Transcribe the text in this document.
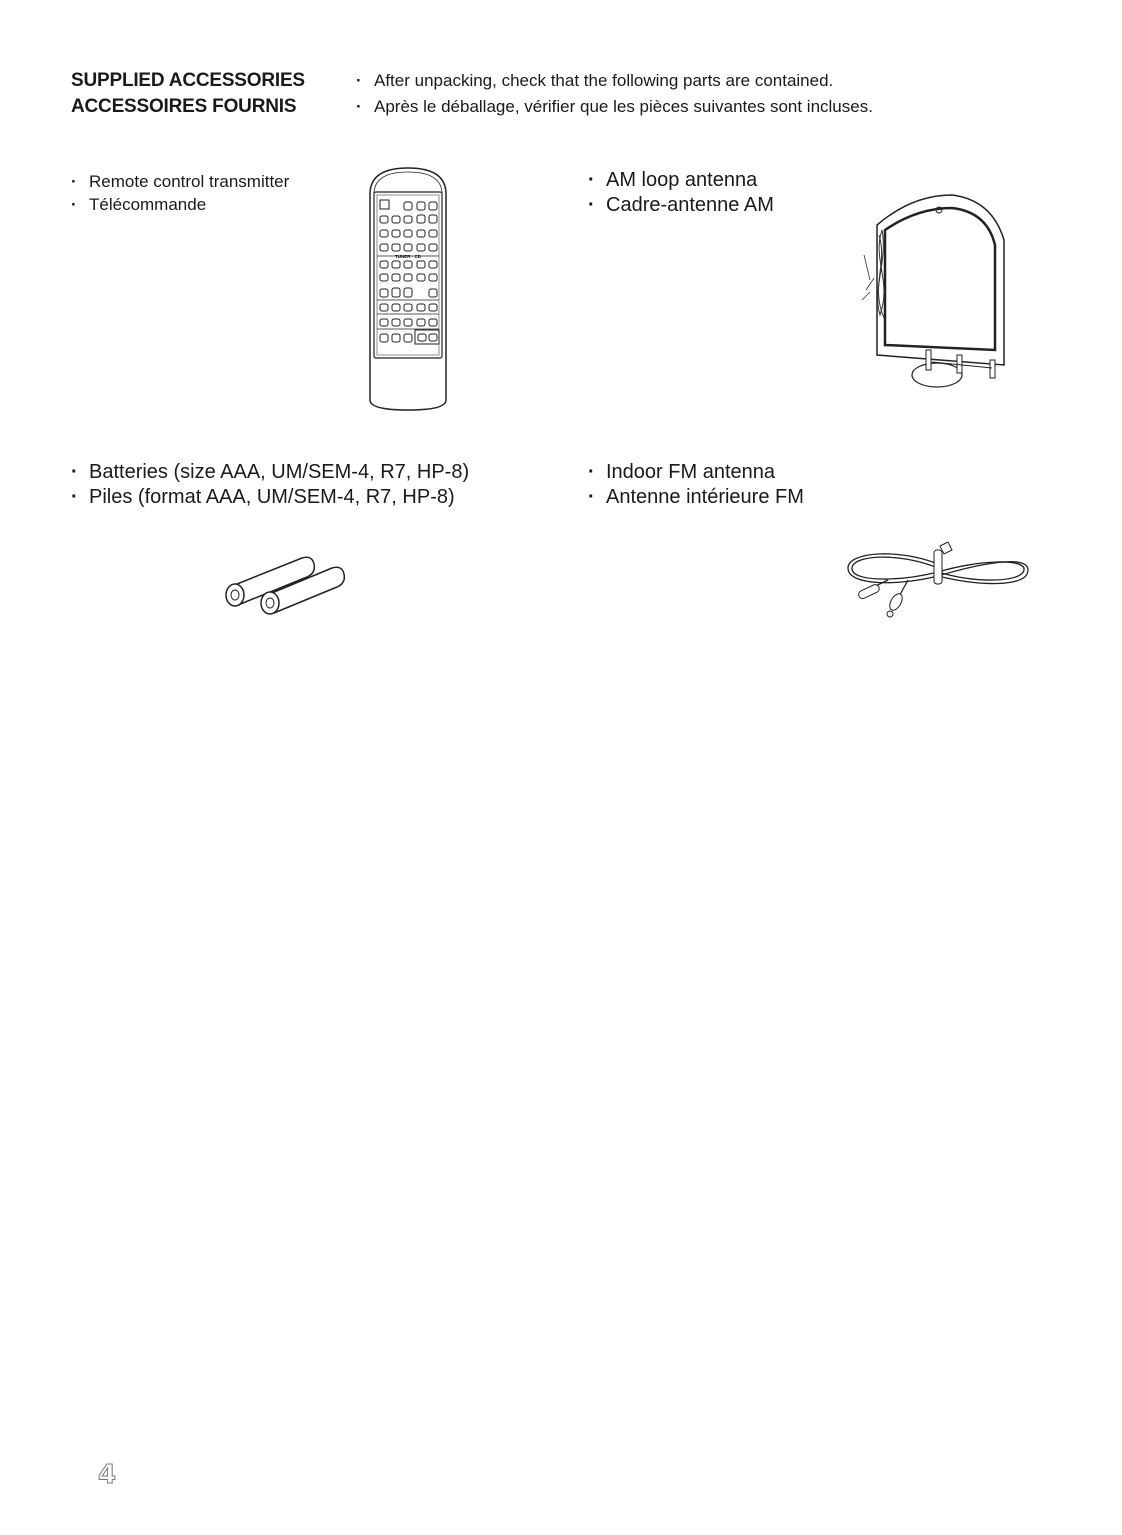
SUPPLIED ACCESSORIES
ACCESSOIRES FOURNIS
· After unpacking, check that the following parts are contained.
· Après le déballage, vérifier que les pièces suivantes sont incluses.
· Remote control transmitter
· Télécommande
TUNER · CD
· AM loop antenna
· Cadre-antenne AM
· Batteries (size AAA, UM/SEM-4, R7, HP-8)
· Piles (format AAA, UM/SEM-4, R7, HP-8)
· Indoor FM antenna
· Antenne intérieure FM
4
